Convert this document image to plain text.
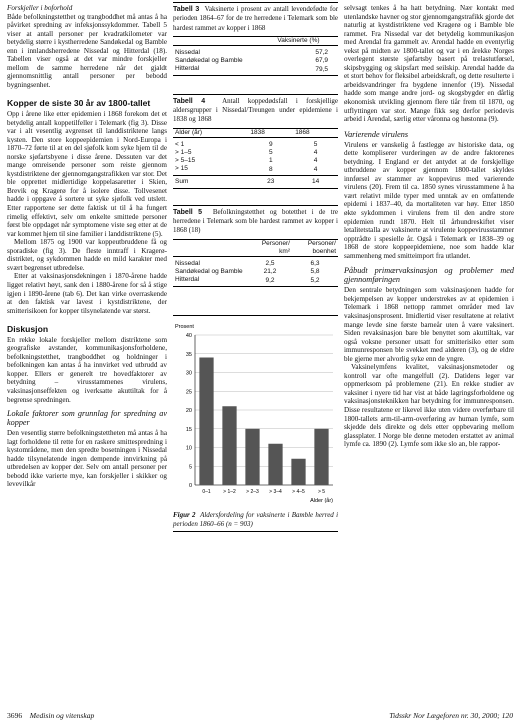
Forskjeller i boforhold

Både befolkningstetthet og trangboddhet må antas å ha påvirket spredning av infeksjonssykdommer. Tabell 5 viser at antall personer per kvadratkilometer var betydelig større i kystherredene Sandøkedal og Bamble enn i innlandsherredene Nissedal og Hitterdal (18). Tabellen viser også at det var mindre forskjeller mellom de samme herredene når det gjaldt gjennomsnittlig antall personer per bebodd bygningsenhet.

Kopper de siste 30 år av 1800-tallet

Opp i årene like etter epidemien i 1868 forekom det et betydelig antall koppetilfeller i Telemark (fig 3). Disse var i alt vesentlig avgrenset til landdistriktene langs kysten. Den store koppeepidemien i Nord-Europa i 1870–72 førte til at en del sjøfolk kom syke hjem til de norske sjøfartsbyene i disse årene. Dessuten var det mange omreisende personer som reiste gjennom kystdistriktene der gjennomgangstrafikken var stor. Det ble opprettet midlertidige koppelasaretter i Skien, Brevik og Kragerø for å isolere disse. Tollvesenet hadde i oppgave å sortere ut syke sjøfolk ved utslett. Etter rapportene ser dette faktisk ut til å ha fungert rimelig effektivt, selv om enkelte smittede personer først ble oppdaget når symptomene viste seg etter at de var kommet hjem til sine familier i landdistriktene (5).

Mellom 1875 og 1900 var koppeutbruddene få og sporadiske (fig 3). De fleste inntraff i Kragerø-distriktet, og sykdommen hadde en mild karakter med svært begrenset utbredelse.

Etter at vaksinasjonsdekningen i 1870-årene hadde ligget relativt høyt, sank den i 1880-årene for så å stige igjen i 1890-årene (tab 6). Det kan virke overraskende at den faktisk var lavest i kystdistriktene, der smitterisikoen for kopper tilsynelatende var størst.

Diskusjon

En rekke lokale forskjeller mellom distriktene som geografiske avstander, kommunikasjonsforholdene, befolkningstetthet, trangboddhet og holdninger i befolkningen kan antas å ha innvirket ved utbrudd av kopper. Ellers er generelt tre hovedfaktorer av betydning – virusstammenes virulens, vaksinasjonseffekten og iverksatte akuttiltak for å begrense spredningen.

Lokale faktorer som grunnlag for spredning av kopper

Den vesentlig større befolkningstettheten må antas å ha lagt forholdene til rette for en raskere smittespredning i kystområdene, men den spredte bosetningen i Nissedal hadde tilsynelatende ingen dempende innvirkning på utbredelsen av kopper der. Selv om antall personer per bebodd ikke varierte mye, kan forskjeller i skikker og levevilkår

Tabell 3 Vaksinerte i prosent av antall levendefødte for perioden 1864–67 for de tre herredene i Telemark som ble hardest rammet av kopper i 1868
	Vaksinerte (%)
Nissedal	57,2
Sandøkedal og Bamble	67,9
Hitterdal	79,5
Tabell 4 Antall koppedødsfall i forskjellige aldersgrupper i Nissedal/Treungen under epidemiene i 1838 og 1868
Alder (år)	1838	1868
< 1	9	5
> 1–5	5	4
> 5–15	1	4
> 15	8	4
Sum	23	14
Tabell 5 Befolkningstetthet og botetthet i de tre herredene i Telemark som ble hardest rammet av kopper i 1868 (18)
	Personer/ km²	Personer/ boenhet
Nissedal	2,5	6,3
Sandøkedal og Bamble	21,2	5,8
Hitterdal	9,2	5,2
Prosent
0
5
10
15
20
25
30
35
40
0–1	> 1–2 > 2–3 > 3–4 > 4–5	> 5
Alder (år)
Figur 2 Aldersfordeling for vaksinerte i Bamble herred i perioden 1860–66 (n = 903)

selvsagt tenkes å ha hatt betydning. Nær kontakt med utenlandske havner og stor gjennomgangstrafikk gjorde det naturlig at kystdistriktene ved Kragerø og i Bamble ble rammet. Fra Nissedal var det betydelig kommunikasjon med Arendal fra gammelt av. Arendal hadde en eventyrlig vekst på midten av 1800-tallet og var i en årekke Norges overlegent største sjøfartsby basert på trelastutførsel, skipsbygging og skipsfart med seilskip. Arendal hadde da et stort behov for fleksibel arbeidskraft, og dette resulterte i arbeidsvandringer fra bygdene innenfor (19). Nissedal hadde som mange andre jord- og skogsbygder en dårlig økonomisk utvikling gjennom flere tiår frem til 1870, og utflyttingen var stor. Mange fikk seg derfor periodevis arbeid i Arendal, særlig etter våronnа og høstonna (9).

Varierende virulens

Virulens er vanskelig å fastlegge av historiske data, og dette kompliserer vurderingen av de andre faktorenes betydning. I England er det antydet at de forskjellige utbruddene av kopper gjennom 1800-tallet skyldes innførsel av stammer av koppevirus med varierende virulens (20). Frem til ca. 1850 synes virusstammene å ha vært relativt milde typer med unntak av en omfattende epidemi i 1837–40, da mortaliteten var høy. Etter 1850 økte sykdommen i virulens frem til den andre store epidemien rundt 1870. Helt til århundreskiftet viser letalitetstallа av vaksinerte at virulente koppevirusstammer opptrådte i spesielle år. Også i Telemark er 1838–39 og 1868 de store koppeepidemiene, noe som hadde klar sammenheng med smitteimport fra utlandet.

Påbudt primærvaksinasjon og problemer med gjennomføringen

Den sentrale betydningen som vaksinasjonen hadde for bekjempelsen av kopper understrekes av at epidemien i Telemark i 1868 nettopp rammet områder med lav vaksinasjonsprosent. Imidlertid viser resultatene at relativt mange levde sine første barneår uten å være vaksinert. Siden revaksinasjon bare ble benyttet som akuttiltak, var også voksne personer utsatt for smitterisiko etter som immunresponsen ble svekket med alderen (3), og de eldre ble gjerne mer alvorlig syke enn de yngre.

Vaksinelymfens kvalitet, vaksinasjonsmetoder og kontroll var ofte mangelfull (2). Datidens leger var oppmerksom på problemene (21). En rekke studier av vaksiner i nyere tid har vist at både lagringsforholdene og vaksinasjonsteknikken har betydning for immunresponsen. Disse resultatene er likevel ikke uten videre overførbare til 1800-tallets arm-til-arm-overføring av human lymfe, som skjedde dels direkte og dels etter oppbevaring mellom glassplater. I Norge ble denne metoden erstattet av animal lymfe ca. 1890 (2). Lymfe som ikke slo an, ble rappor-

3696 Medisin og vitenskap	Tidsskr Nor Lægeforen nr. 30, 2000; 120
